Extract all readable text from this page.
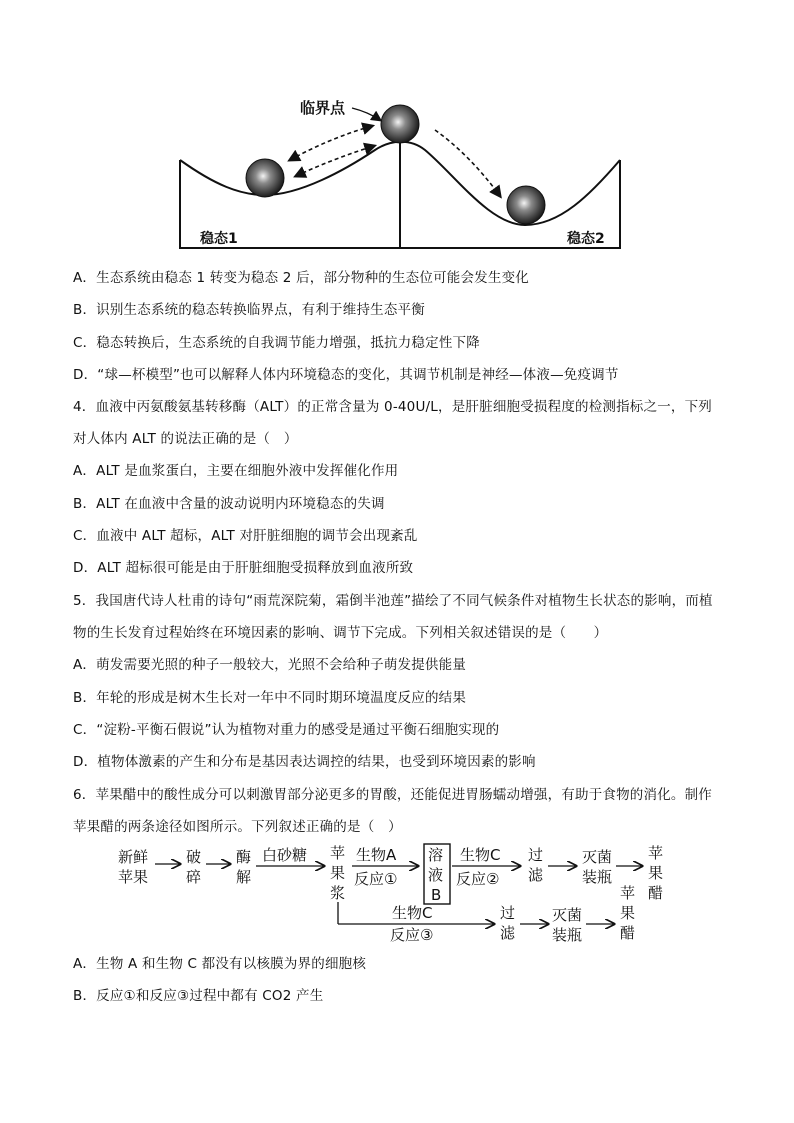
临界点
稳态1	稳态2
A．生态系统由稳态 1 转变为稳态 2 后，部分物种的生态位可能会发生变化
B．识别生态系统的稳态转换临界点，有利于维持生态平衡
C．稳态转换后，生态系统的自我调节能力增强，抵抗力稳定性下降
D．“球—杯模型”也可以解释人体内环境稳态的变化，其调节机制是神经—体液—免疫调节
4．血液中丙氨酸氨基转移酶（ALT）的正常含量为 0-40U/L，是肝脏细胞受损程度的检测指标之一，下列
对人体内 ALT 的说法正确的是（　）
A．ALT 是血浆蛋白，主要在细胞外液中发挥催化作用
B．ALT 在血液中含量的波动说明内环境稳态的失调
C．血液中 ALT 超标，ALT 对肝脏细胞的调节会出现紊乱
D．ALT 超标很可能是由于肝脏细胞受损释放到血液所致
5．我国唐代诗人杜甫的诗句“雨荒深院菊，霜倒半池莲”描绘了不同气候条件对植物生长状态的影响，而植
物的生长发育过程始终在环境因素的影响、调节下完成。下列相关叙述错误的是（　　）
A．萌发需要光照的种子一般较大，光照不会给种子萌发提供能量
B．年轮的形成是树木生长对一年中不同时期环境温度反应的结果
C．“淀粉-平衡石假说”认为植物对重力的感受是通过平衡石细胞实现的
D．植物体激素的产生和分布是基因表达调控的结果，也受到环境因素的影响
6．苹果醋中的酸性成分可以刺激胃部分泌更多的胃酸，还能促进胃肠蠕动增强，有助于食物的消化。制作
苹果醋的两条途径如图所示。下列叙述正确的是（　）
新鲜
苹果
破
碎
酶
解
白砂糖 苹
果
浆
生物A
反应①
溶
液
B
生物C
反应②
过
滤
灭菌
装瓶
苹
果
醋
生物C
反应③
过
滤
灭菌
装瓶
苹
果
醋
A．生物 A 和生物 C 都没有以核膜为界的细胞核
B．反应①和反应③过程中都有 CO2 产生
